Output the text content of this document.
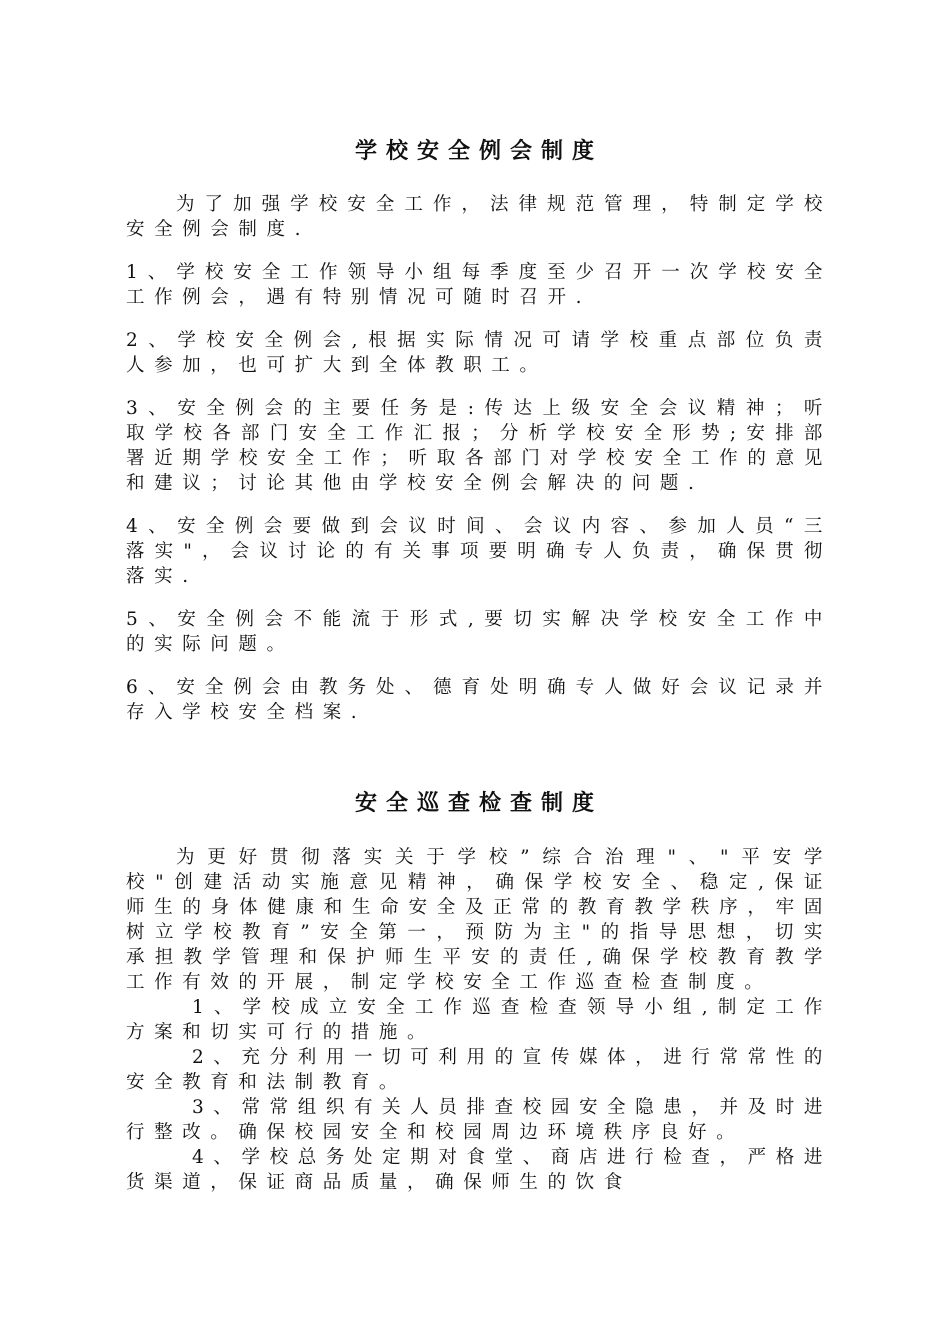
学校安全例会制度

为了加强学校安全工作，法律规范管理，特制定学校安全例会制度.

1、学校安全工作领导小组每季度至少召开一次学校安全工作例会，遇有特别情况可随时召开.

2、学校安全例会,根据实际情况可请学校重点部位负责人参加，也可扩大到全体教职工。

3、安全例会的主要任务是:传达上级安全会议精神；听取学校各部门安全工作汇报；分析学校安全形势;安排部署近期学校安全工作；听取各部门对学校安全工作的意见和建议；讨论其他由学校安全例会解决的问题.

4、安全例会要做到会议时间、会议内容、参加人员“三落实"，会议讨论的有关事项要明确专人负责，确保贯彻落实.

5、安全例会不能流于形式,要切实解决学校安全工作中的实际问题。

6、安全例会由教务处、德育处明确专人做好会议记录并存入学校安全档案.

安全巡查检查制度

为更好贯彻落实关于学校”综合治理"、"平安学校"创建活动实施意见精神，确保学校安全、稳定,保证师生的身体健康和生命安全及正常的教育教学秩序，牢固树立学校教育”安全第一，预防为主"的指导思想，切实承担教学管理和保护师生平安的责任,确保学校教育教学工作有效的开展，制定学校安全工作巡查检查制度。

1、学校成立安全工作巡查检查领导小组,制定工作方案和切实可行的措施。

2、充分利用一切可利用的宣传媒体，进行常常性的安全教育和法制教育。

3、常常组织有关人员排查校园安全隐患，并及时进行整改。确保校园安全和校园周边环境秩序良好。

4、学校总务处定期对食堂、商店进行检查，严格进货渠道，保证商品质量，确保师生的饮食
